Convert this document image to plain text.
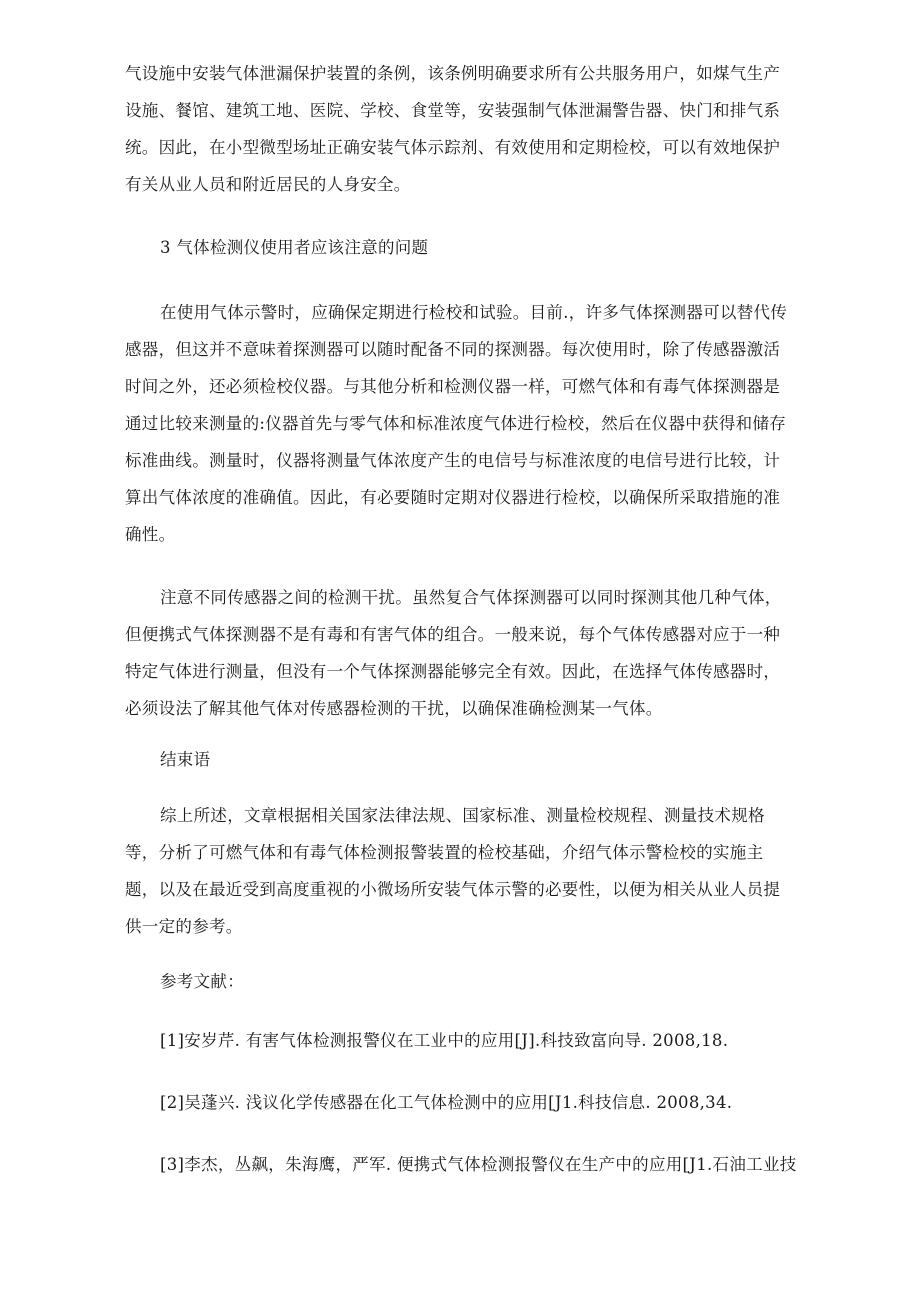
气设施中安装气体泄漏保护装置的条例，该条例明确要求所有公共服务用户，如煤气生产
设施、餐馆、建筑工地、医院、学校、食堂等，安装强制气体泄漏警告器、快门和排气系
统。因此，在小型微型场址正确安装气体示踪剂、有效使用和定期检校，可以有效地保护
有关从业人员和附近居民的人身安全。
3 气体检测仪使用者应该注意的问题
在使用气体示警时，应确保定期进行检校和试验。目前.，许多气体探测器可以替代传
感器，但这并不意味着探测器可以随时配备不同的探测器。每次使用时，除了传感器激活
时间之外，还必须检校仪器。与其他分析和检测仪器一样，可燃气体和有毒气体探测器是
通过比较来测量的:仪器首先与零气体和标准浓度气体进行检校，然后在仪器中获得和储存
标准曲线。测量时，仪器将测量气体浓度产生的电信号与标准浓度的电信号进行比较，计
算出气体浓度的准确值。因此，有必要随时定期对仪器进行检校，以确保所采取措施的准
确性。
注意不同传感器之间的检测干扰。虽然复合气体探测器可以同时探测其他几种气体，
但便携式气体探测器不是有毒和有害气体的组合。一般来说，每个气体传感器对应于一种
特定气体进行测量，但没有一个气体探测器能够完全有效。因此，在选择气体传感器时，
必须设法了解其他气体对传感器检测的干扰，以确保准确检测某一气体。
结束语
综上所述，文章根据相关国家法律法规、国家标准、测量检校规程、测量技术规格
等，分析了可燃气体和有毒气体检测报警装置的检校基础，介绍气体示警检校的实施主
题，以及在最近受到高度重视的小微场所安装气体示警的必要性，以便为相关从业人员提
供一定的参考。
参考文献：
[1]安岁芹. 有害气体检测报警仪在工业中的应用[J].科技致富向导. 2008,18.
[2]吴蓬兴. 浅议化学传感器在化工气体检测中的应用[J1.科技信息. 2008,34.
[3]李杰，丛飙，朱海鹰，严军. 便携式气体检测报警仪在生产中的应用[J1.石油工业技
